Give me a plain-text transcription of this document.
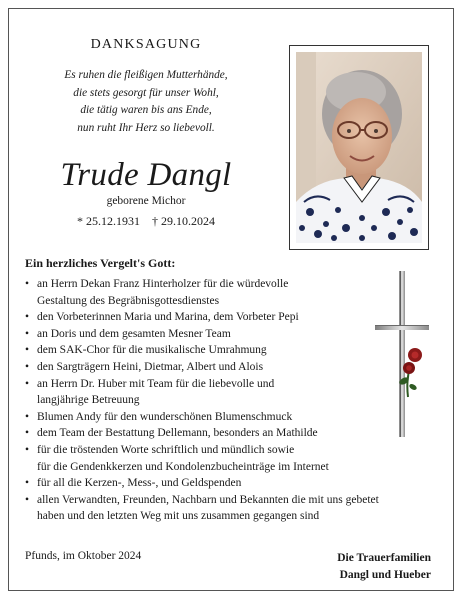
DANKSAGUNG
Es ruhen die fleißigen Mutterhände,
die stets gesorgt für unser Wohl,
die tätig waren bis ans Ende,
nun ruht Ihr Herz so liebevoll.
Trude Dangl
geborene Michor
* 25.12.1931 † 29.10.2024
Ein herzliches Vergelt's Gott:
• an Herrn Dekan Franz Hinterholzer für die würdevolle
Gestaltung des Begräbnisgottesdienstes
• den Vorbeterinnen Maria und Marina, dem Vorbeter Pepi
• an Doris und dem gesamten Mesner Team
• dem SAK-Chor für die musikalische Umrahmung
• den Sargträgern Heini, Dietmar, Albert und Alois
• an Herrn Dr. Huber mit Team für die liebevolle und
langjährige Betreuung
• Blumen Andy für den wunderschönen Blumenschmuck
• dem Team der Bestattung Dellemann, besonders an Mathilde
• für die tröstenden Worte schriftlich und mündlich sowie
für die Gendenkkerzen und Kondolenzbucheinträge im Internet
• für all die Kerzen-, Mess-, und Geldspenden
• allen Verwandten, Freunden, Nachbarn und Bekannten die mit uns gebetet
haben und den letzten Weg mit uns zusammen gegangen sind
Pfunds, im Oktober 2024	Die Trauerfamilien
Dangl und Hueber
